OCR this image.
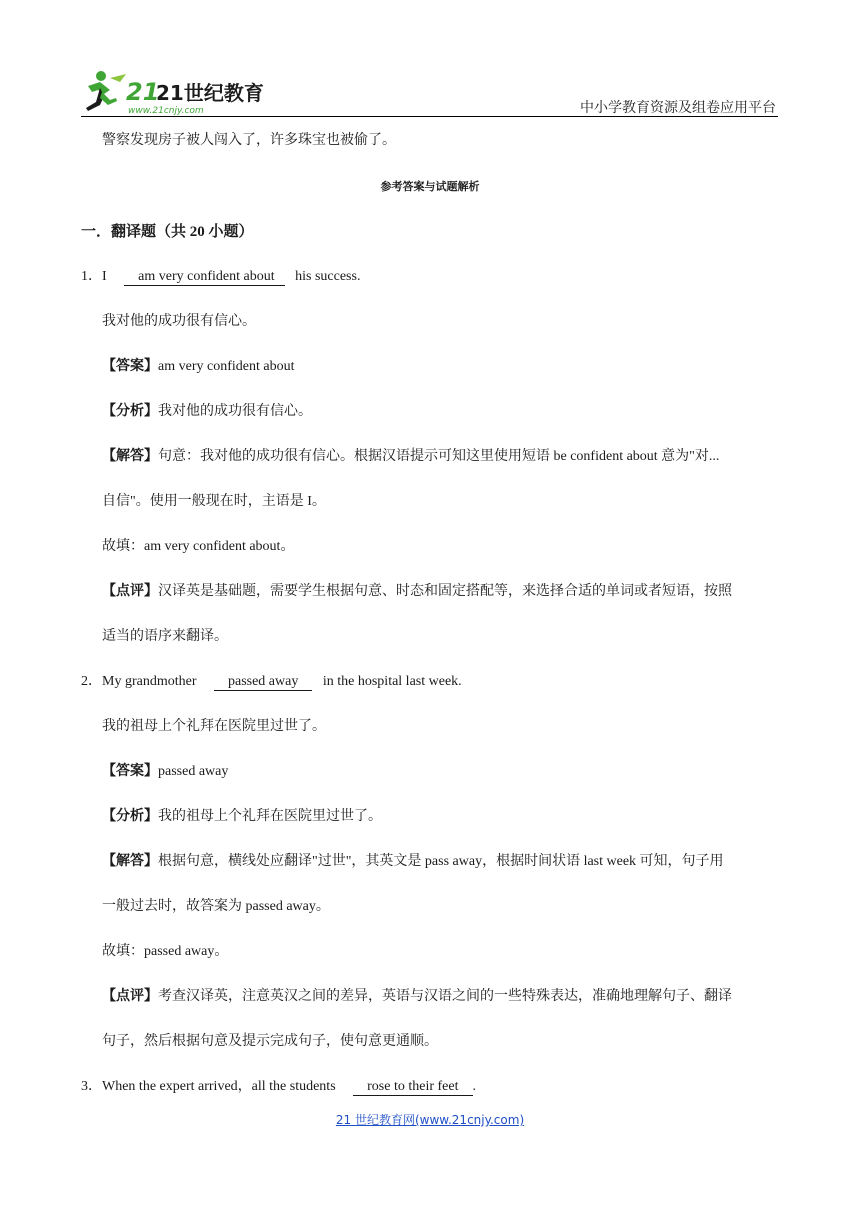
21
21世纪教育
www.21cnjy.com	中小学教育资源及组卷应用平台
警察发现房子被人闯入了，许多珠宝也被偷了。
参考答案与试题解析
一．翻译题（共 20 小题）
1．I am very confident about his success.
我对他的成功很有信心。
【答案】am very confident about
【分析】我对他的成功很有信心。
【解答】句意：我对他的成功很有信心。根据汉语提示可知这里使用短语 be confident about 意为"对...
自信"。使用一般现在时，主语是 I。
故填：am very confident about。
【点评】汉译英是基础题，需要学生根据句意、时态和固定搭配等，来选择合适的单词或者短语，按照
适当的语序来翻译。
2．My grandmother passed away in the hospital last week.
我的祖母上个礼拜在医院里过世了。
【答案】passed away
【分析】我的祖母上个礼拜在医院里过世了。
【解答】根据句意，横线处应翻译"过世"，其英文是 pass away，根据时间状语 last week 可知，句子用
一般过去时，故答案为 passed away。
故填：passed away。
【点评】考查汉译英，注意英汉之间的差异，英语与汉语之间的一些特殊表达，准确地理解句子、翻译
句子，然后根据句意及提示完成句子，使句意更通顺。
3．When the expert arrived，all the students rose to their feet .
21 世纪教育网(www.21cnjy.com)
